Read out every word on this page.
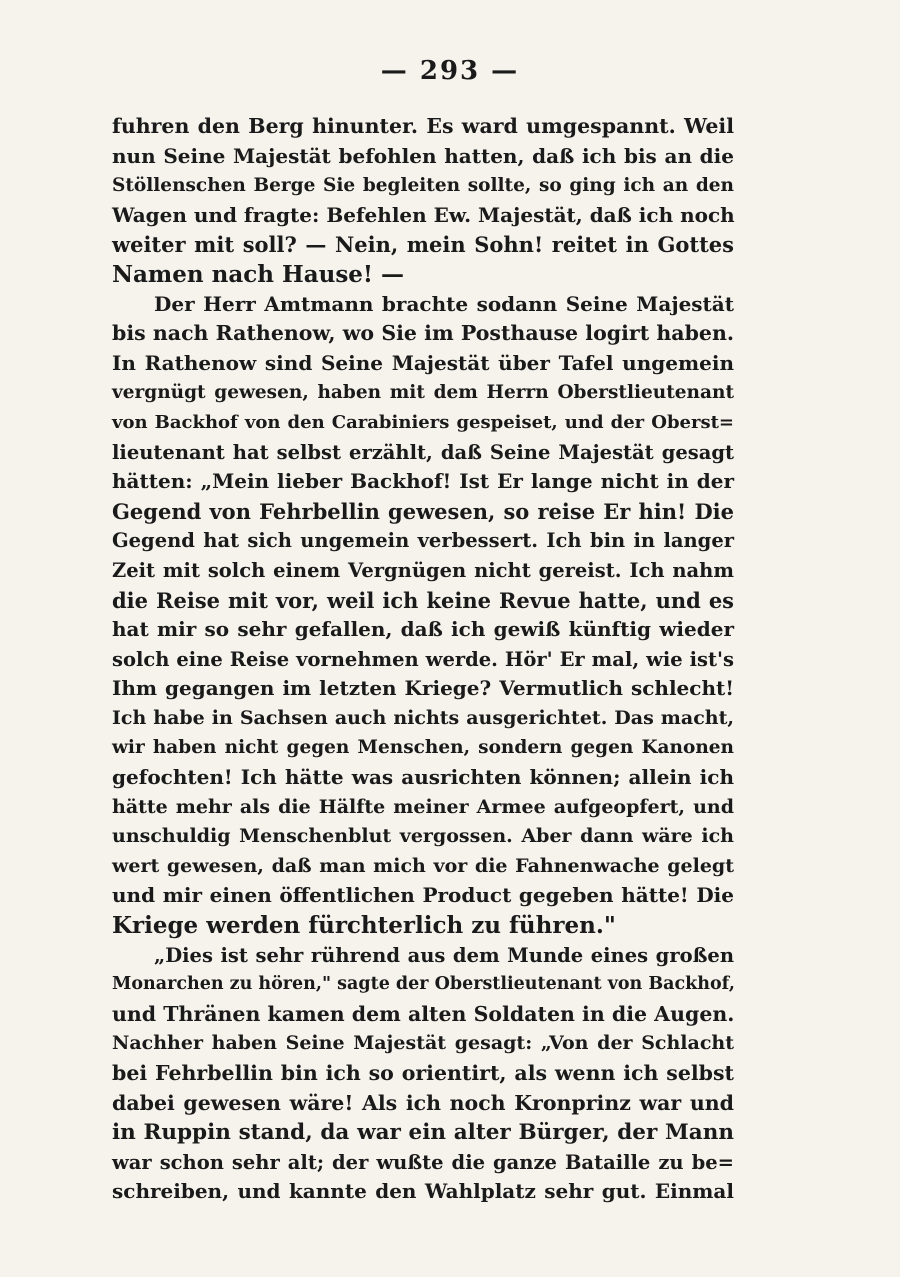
— 293 —
fuhren den Berg hinunter. Es ward umgespannt. Weil
nun Seine Majestät befohlen hatten, daß ich bis an die
Stöllenschen Berge Sie begleiten sollte, so ging ich an den
Wagen und fragte: Befehlen Ew. Majestät, daß ich noch
weiter mit soll? — Nein, mein Sohn! reitet in Gottes
Namen nach Hause! —
Der Herr Amtmann brachte sodann Seine Majestät
bis nach Rathenow, wo Sie im Posthause logirt haben.
In Rathenow sind Seine Majestät über Tafel ungemein
vergnügt gewesen, haben mit dem Herrn Oberstlieutenant
von Backhof von den Carabiniers gespeiset, und der Oberst=
lieutenant hat selbst erzählt, daß Seine Majestät gesagt
hätten: „Mein lieber Backhof! Ist Er lange nicht in der
Gegend von Fehrbellin gewesen, so reise Er hin! Die
Gegend hat sich ungemein verbessert. Ich bin in langer
Zeit mit solch einem Vergnügen nicht gereist. Ich nahm
die Reise mit vor, weil ich keine Revue hatte, und es
hat mir so sehr gefallen, daß ich gewiß künftig wieder
solch eine Reise vornehmen werde. Hör' Er mal, wie ist's
Ihm gegangen im letzten Kriege? Vermutlich schlecht!
Ich habe in Sachsen auch nichts ausgerichtet. Das macht,
wir haben nicht gegen Menschen, sondern gegen Kanonen
gefochten! Ich hätte was ausrichten können; allein ich
hätte mehr als die Hälfte meiner Armee aufgeopfert, und
unschuldig Menschenblut vergossen. Aber dann wäre ich
wert gewesen, daß man mich vor die Fahnenwache gelegt
und mir einen öffentlichen Product gegeben hätte! Die
Kriege werden fürchterlich zu führen."
„Dies ist sehr rührend aus dem Munde eines großen
Monarchen zu hören," sagte der Oberstlieutenant von Backhof,
und Thränen kamen dem alten Soldaten in die Augen.
Nachher haben Seine Majestät gesagt: „Von der Schlacht
bei Fehrbellin bin ich so orientirt, als wenn ich selbst
dabei gewesen wäre! Als ich noch Kronprinz war und
in Ruppin stand, da war ein alter Bürger, der Mann
war schon sehr alt; der wußte die ganze Bataille zu be=
schreiben, und kannte den Wahlplatz sehr gut. Einmal
